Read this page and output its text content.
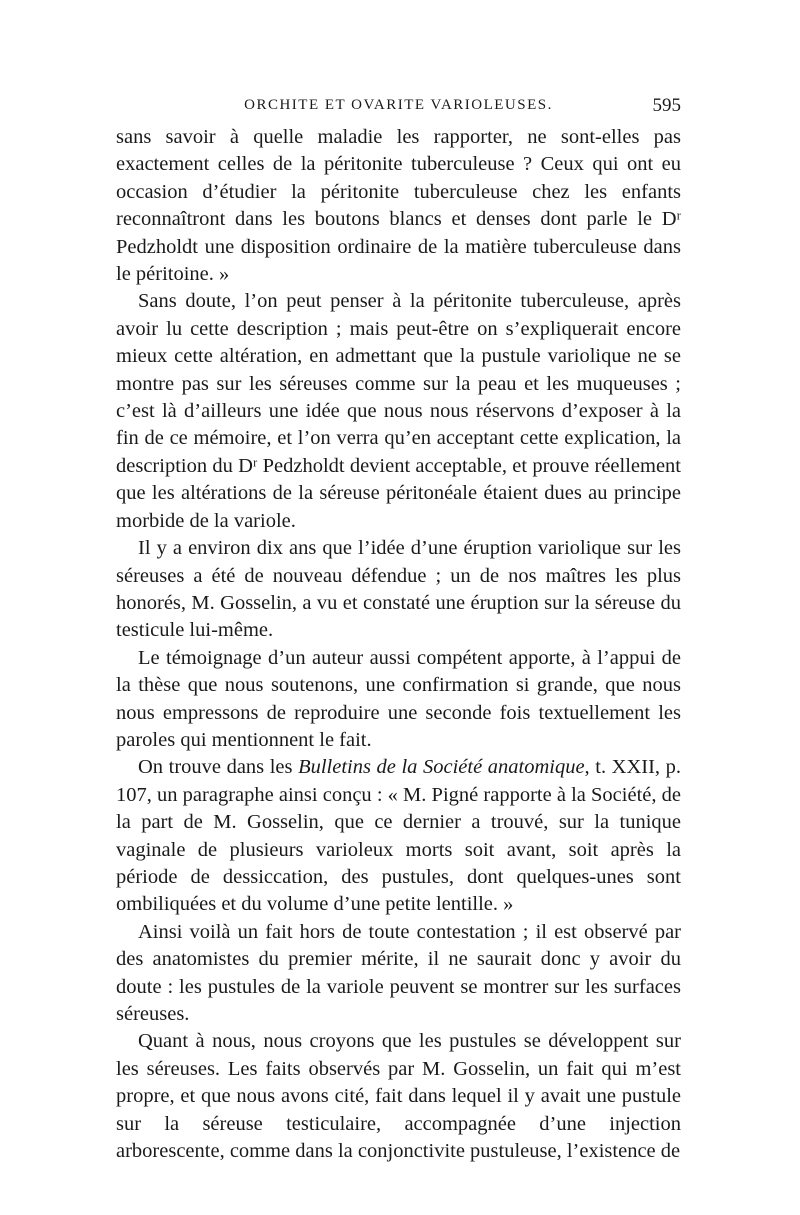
ORCHITE ET OVARITE VARIOLEUSES.	595

sans savoir à quelle maladie les rapporter, ne sont-elles pas exactement celles de la péritonite tuberculeuse ? Ceux qui ont eu occasion d’étudier la péritonite tuberculeuse chez les enfants reconnaîtront dans les boutons blancs et denses dont parle le Dʳ Pedzholdt une disposition ordinaire de la matière tuberculeuse dans le péritoine. »

Sans doute, l’on peut penser à la péritonite tuberculeuse, après avoir lu cette description ; mais peut-être on s’expliquerait encore mieux cette altération, en admettant que la pustule variolique ne se montre pas sur les séreuses comme sur la peau et les muqueuses ; c’est là d’ailleurs une idée que nous nous réservons d’exposer à la fin de ce mémoire, et l’on verra qu’en acceptant cette explication, la description du Dʳ Pedzholdt devient acceptable, et prouve réellement que les altérations de la séreuse péritonéale étaient dues au principe morbide de la variole.

Il y a environ dix ans que l’idée d’une éruption variolique sur les séreuses a été de nouveau défendue ; un de nos maîtres les plus honorés, M. Gosselin, a vu et constaté une éruption sur la séreuse du testicule lui-même.

Le témoignage d’un auteur aussi compétent apporte, à l’appui de la thèse que nous soutenons, une confirmation si grande, que nous nous empressons de reproduire une seconde fois textuellement les paroles qui mentionnent le fait.

On trouve dans les Bulletins de la Société anatomique, t. XXII, p. 107, un paragraphe ainsi conçu : « M. Pigné rapporte à la Société, de la part de M. Gosselin, que ce dernier a trouvé, sur la tunique vaginale de plusieurs varioleux morts soit avant, soit après la période de dessiccation, des pustules, dont quelques-unes sont ombiliquées et du volume d’une petite lentille. »

Ainsi voilà un fait hors de toute contestation ; il est observé par des anatomistes du premier mérite, il ne saurait donc y avoir du doute : les pustules de la variole peuvent se montrer sur les surfaces séreuses.

Quant à nous, nous croyons que les pustules se développent sur les séreuses. Les faits observés par M. Gosselin, un fait qui m’est propre, et que nous avons cité, fait dans lequel il y avait une pustule sur la séreuse testiculaire, accompagnée d’une injection arborescente, comme dans la conjonctivite pustuleuse, l’existence de
